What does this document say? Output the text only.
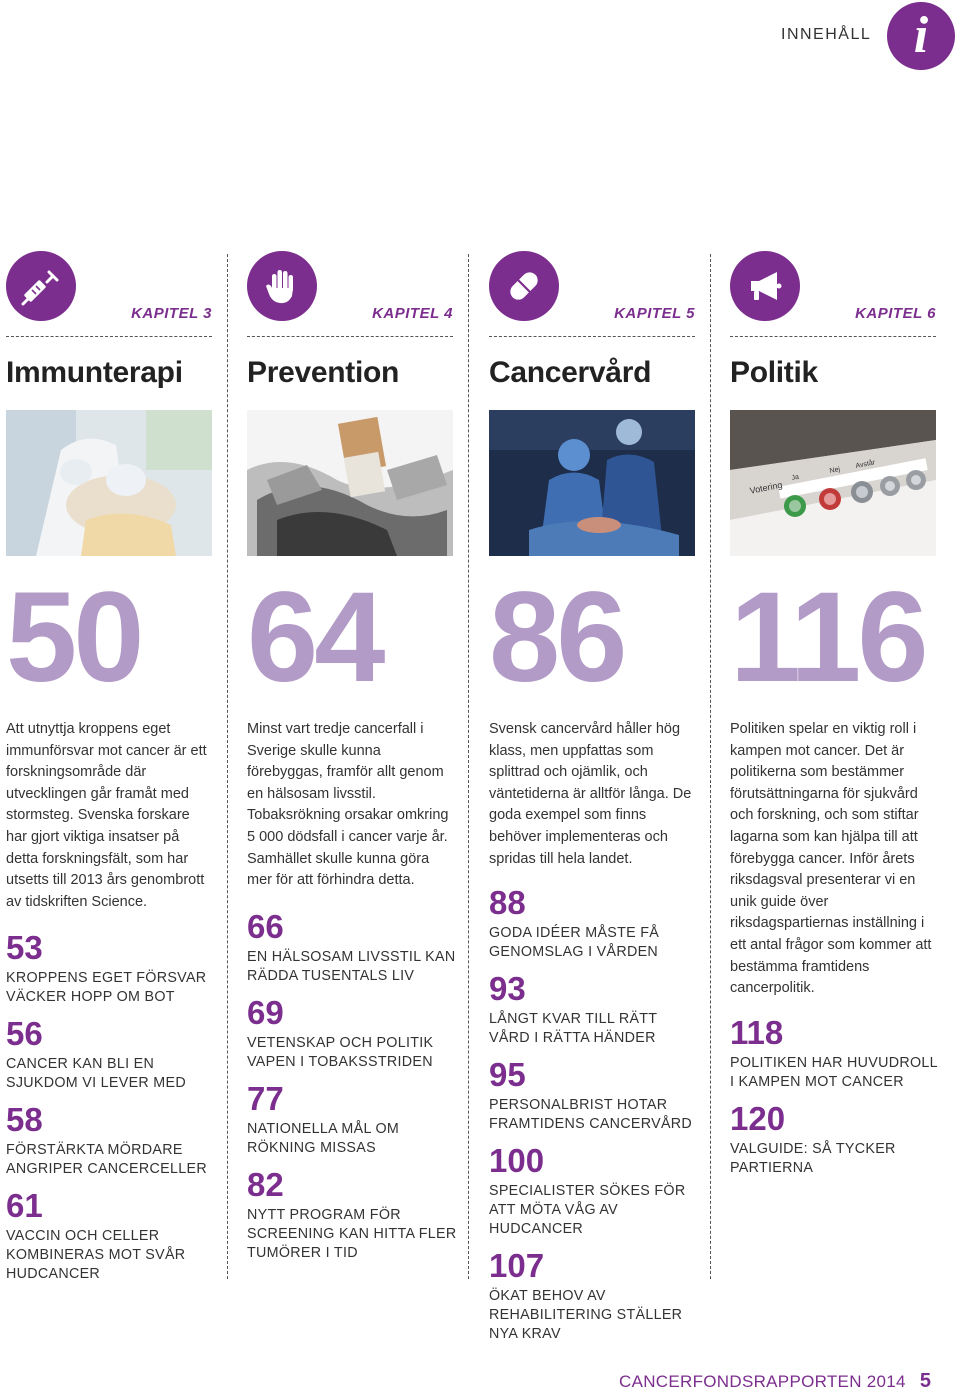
INNEHÅLL i
KAPITEL 3
Immunterapi
50
Att utnyttja kroppens eget immunförsvar mot cancer är ett forskningsområde där utvecklingen går framåt med stormsteg. Svenska forskare har gjort viktiga insatser på detta forskningsfält, som har utsetts till 2013 års genombrott av tidskriften Science.
53
KROPPENS EGET FÖRSVAR VÄCKER HOPP OM BOT
56
CANCER KAN BLI EN SJUKDOM VI LEVER MED
58
FÖRSTÄRKTA MÖRDARE ANGRIPER CANCERCELLER
61
VACCIN OCH CELLER KOMBINERAS MOT SVÅR HUDCANCER
KAPITEL 4
Prevention
64
Minst vart tredje cancerfall i Sverige skulle kunna förebyggas, framför allt genom en hälsosam livsstil. Tobaksrökning orsakar omkring 5 000 dödsfall i cancer varje år. Samhället skulle kunna göra mer för att förhindra detta.
66
EN HÄLSOSAM LIVSSTIL KAN RÄDDA TUSENTALS LIV
69
VETENSKAP OCH POLITIK VAPEN I TOBAKSSTRIDEN
77
NATIONELLA MÅL OM RÖKNING MISSAS
82
NYTT PROGRAM FÖR SCREENING KAN HITTA FLER TUMÖRER I TID
KAPITEL 5
Cancervård
86
Svensk cancervård håller hög klass, men uppfattas som splittrad och ojämlik, och väntetiderna är alltför långa. De goda exempel som finns behöver implementeras och spridas till hela landet.
88
GODA IDÉER MÅSTE FÅ GENOMSLAG I VÅRDEN
93
LÅNGT KVAR TILL RÄTT VÅRD I RÄTTA HÄNDER
95
PERSONALBRIST HOTAR FRAMTIDENS CANCERVÅRD
100
SPECIALISTER SÖKES FÖR ATT MÖTA VÅG AV HUDCANCER
107
ÖKAT BEHOV AV REHABILITERING STÄLLER NYA KRAV
KAPITEL 6
Politik
Votering
Ja
Nej
Avstår
116
Politiken spelar en viktig roll i kampen mot cancer. Det är politikerna som bestämmer förutsättningarna för sjukvård och forskning, och som stiftar lagarna som kan hjälpa till att förebygga cancer. Inför årets riksdagsval presenterar vi en unik guide över riksdagspartiernas inställning i ett antal frågor som kommer att bestämma framtidens cancerpolitik.
118
POLITIKEN HAR HUVUDROLL I KAMPEN MOT CANCER
120
VALGUIDE: SÅ TYCKER PARTIERNA
CANCERFONDSRAPPORTEN 2014 5
